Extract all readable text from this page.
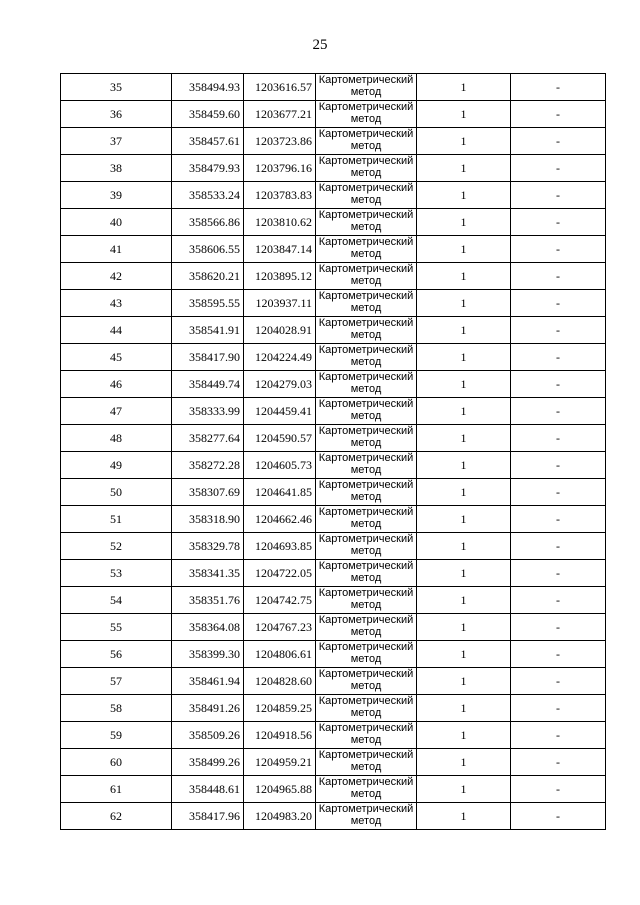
25
35	358494.93	1203616.57	Картометрический метод	1	-
36	358459.60	1203677.21	Картометрический метод	1	-
37	358457.61	1203723.86	Картометрический метод	1	-
38	358479.93	1203796.16	Картометрический метод	1	-
39	358533.24	1203783.83	Картометрический метод	1	-
40	358566.86	1203810.62	Картометрический метод	1	-
41	358606.55	1203847.14	Картометрический метод	1	-
42	358620.21	1203895.12	Картометрический метод	1	-
43	358595.55	1203937.11	Картометрический метод	1	-
44	358541.91	1204028.91	Картометрический метод	1	-
45	358417.90	1204224.49	Картометрический метод	1	-
46	358449.74	1204279.03	Картометрический метод	1	-
47	358333.99	1204459.41	Картометрический метод	1	-
48	358277.64	1204590.57	Картометрический метод	1	-
49	358272.28	1204605.73	Картометрический метод	1	-
50	358307.69	1204641.85	Картометрический метод	1	-
51	358318.90	1204662.46	Картометрический метод	1	-
52	358329.78	1204693.85	Картометрический метод	1	-
53	358341.35	1204722.05	Картометрический метод	1	-
54	358351.76	1204742.75	Картометрический метод	1	-
55	358364.08	1204767.23	Картометрический метод	1	-
56	358399.30	1204806.61	Картометрический метод	1	-
57	358461.94	1204828.60	Картометрический метод	1	-
58	358491.26	1204859.25	Картометрический метод	1	-
59	358509.26	1204918.56	Картометрический метод	1	-
60	358499.26	1204959.21	Картометрический метод	1	-
61	358448.61	1204965.88	Картометрический метод	1	-
62	358417.96	1204983.20	Картометрический метод	1	-
